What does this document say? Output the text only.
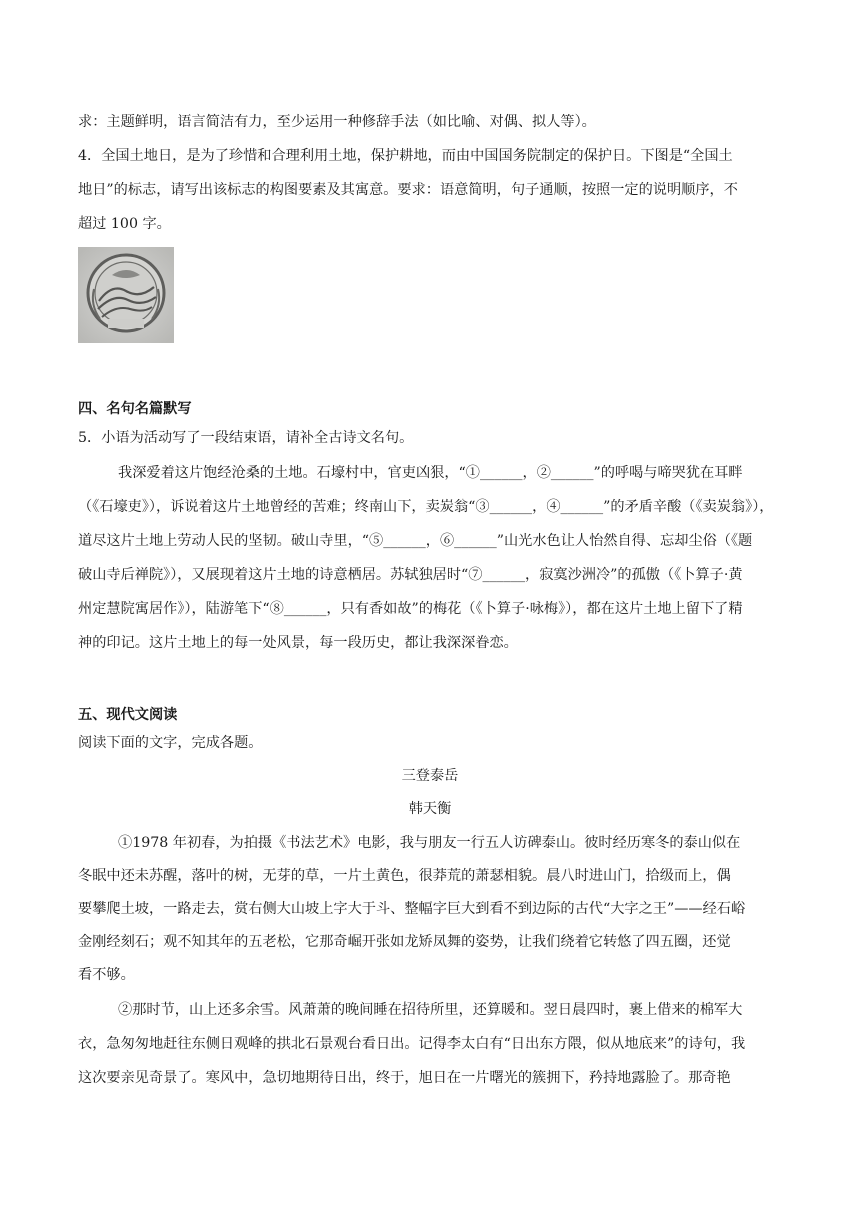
求：主题鲜明，语言简洁有力，至少运用一种修辞手法（如比喻、对偶、拟人等）。
4．全国土地日，是为了珍惜和合理利用土地，保护耕地，而由中国国务院制定的保护日。下图是“全国土
地日”的标志，请写出该标志的构图要素及其寓意。要求：语意简明，句子通顺，按照一定的说明顺序，不
超过 100 字。
四、名句名篇默写
5．小语为活动写了一段结束语，请补全古诗文名句。
我深爱着这片饱经沧桑的土地。石壕村中，官吏凶狠，“①______，②______”的呼喝与啼哭犹在耳畔
（《石壕吏》），诉说着这片土地曾经的苦难；终南山下，卖炭翁“③______，④______”的矛盾辛酸（《卖炭翁》），
道尽这片土地上劳动人民的坚韧。破山寺里，“⑤______，⑥______”山光水色让人怡然自得、忘却尘俗（《题
破山寺后禅院》），又展现着这片土地的诗意栖居。苏轼独居时“⑦______，寂寞沙洲冷”的孤傲（《卜算子·黄
州定慧院寓居作》），陆游笔下“⑧______，只有香如故”的梅花（《卜算子·咏梅》），都在这片土地上留下了精
神的印记。这片土地上的每一处风景，每一段历史，都让我深深眷恋。
五、现代文阅读
阅读下面的文字，完成各题。
三登泰岳
韩天衡
①1978 年初春，为拍摄《书法艺术》电影，我与朋友一行五人访碑泰山。彼时经历寒冬的泰山似在
冬眠中还未苏醒，落叶的树，无芽的草，一片土黄色，很莽荒的萧瑟相貌。晨八时进山门，拾级而上，偶
要攀爬土坡，一路走去，赏右侧大山坡上字大于斗、整幅字巨大到看不到边际的古代“大字之王”——经石峪
金刚经刻石；观不知其年的五老松，它那奇崛开张如龙矫凤舞的姿势，让我们绕着它转悠了四五圈，还觉
看不够。
②那时节，山上还多余雪。风萧萧的晚间睡在招待所里，还算暖和。翌日晨四时，裹上借来的棉军大
衣，急匆匆地赶往东侧日观峰的拱北石景观台看日出。记得李太白有“日出东方隈，似从地底来”的诗句，我
这次要亲见奇景了。寒风中，急切地期待日出，终于，旭日在一片曙光的簇拥下，矜持地露脸了。那奇艳
